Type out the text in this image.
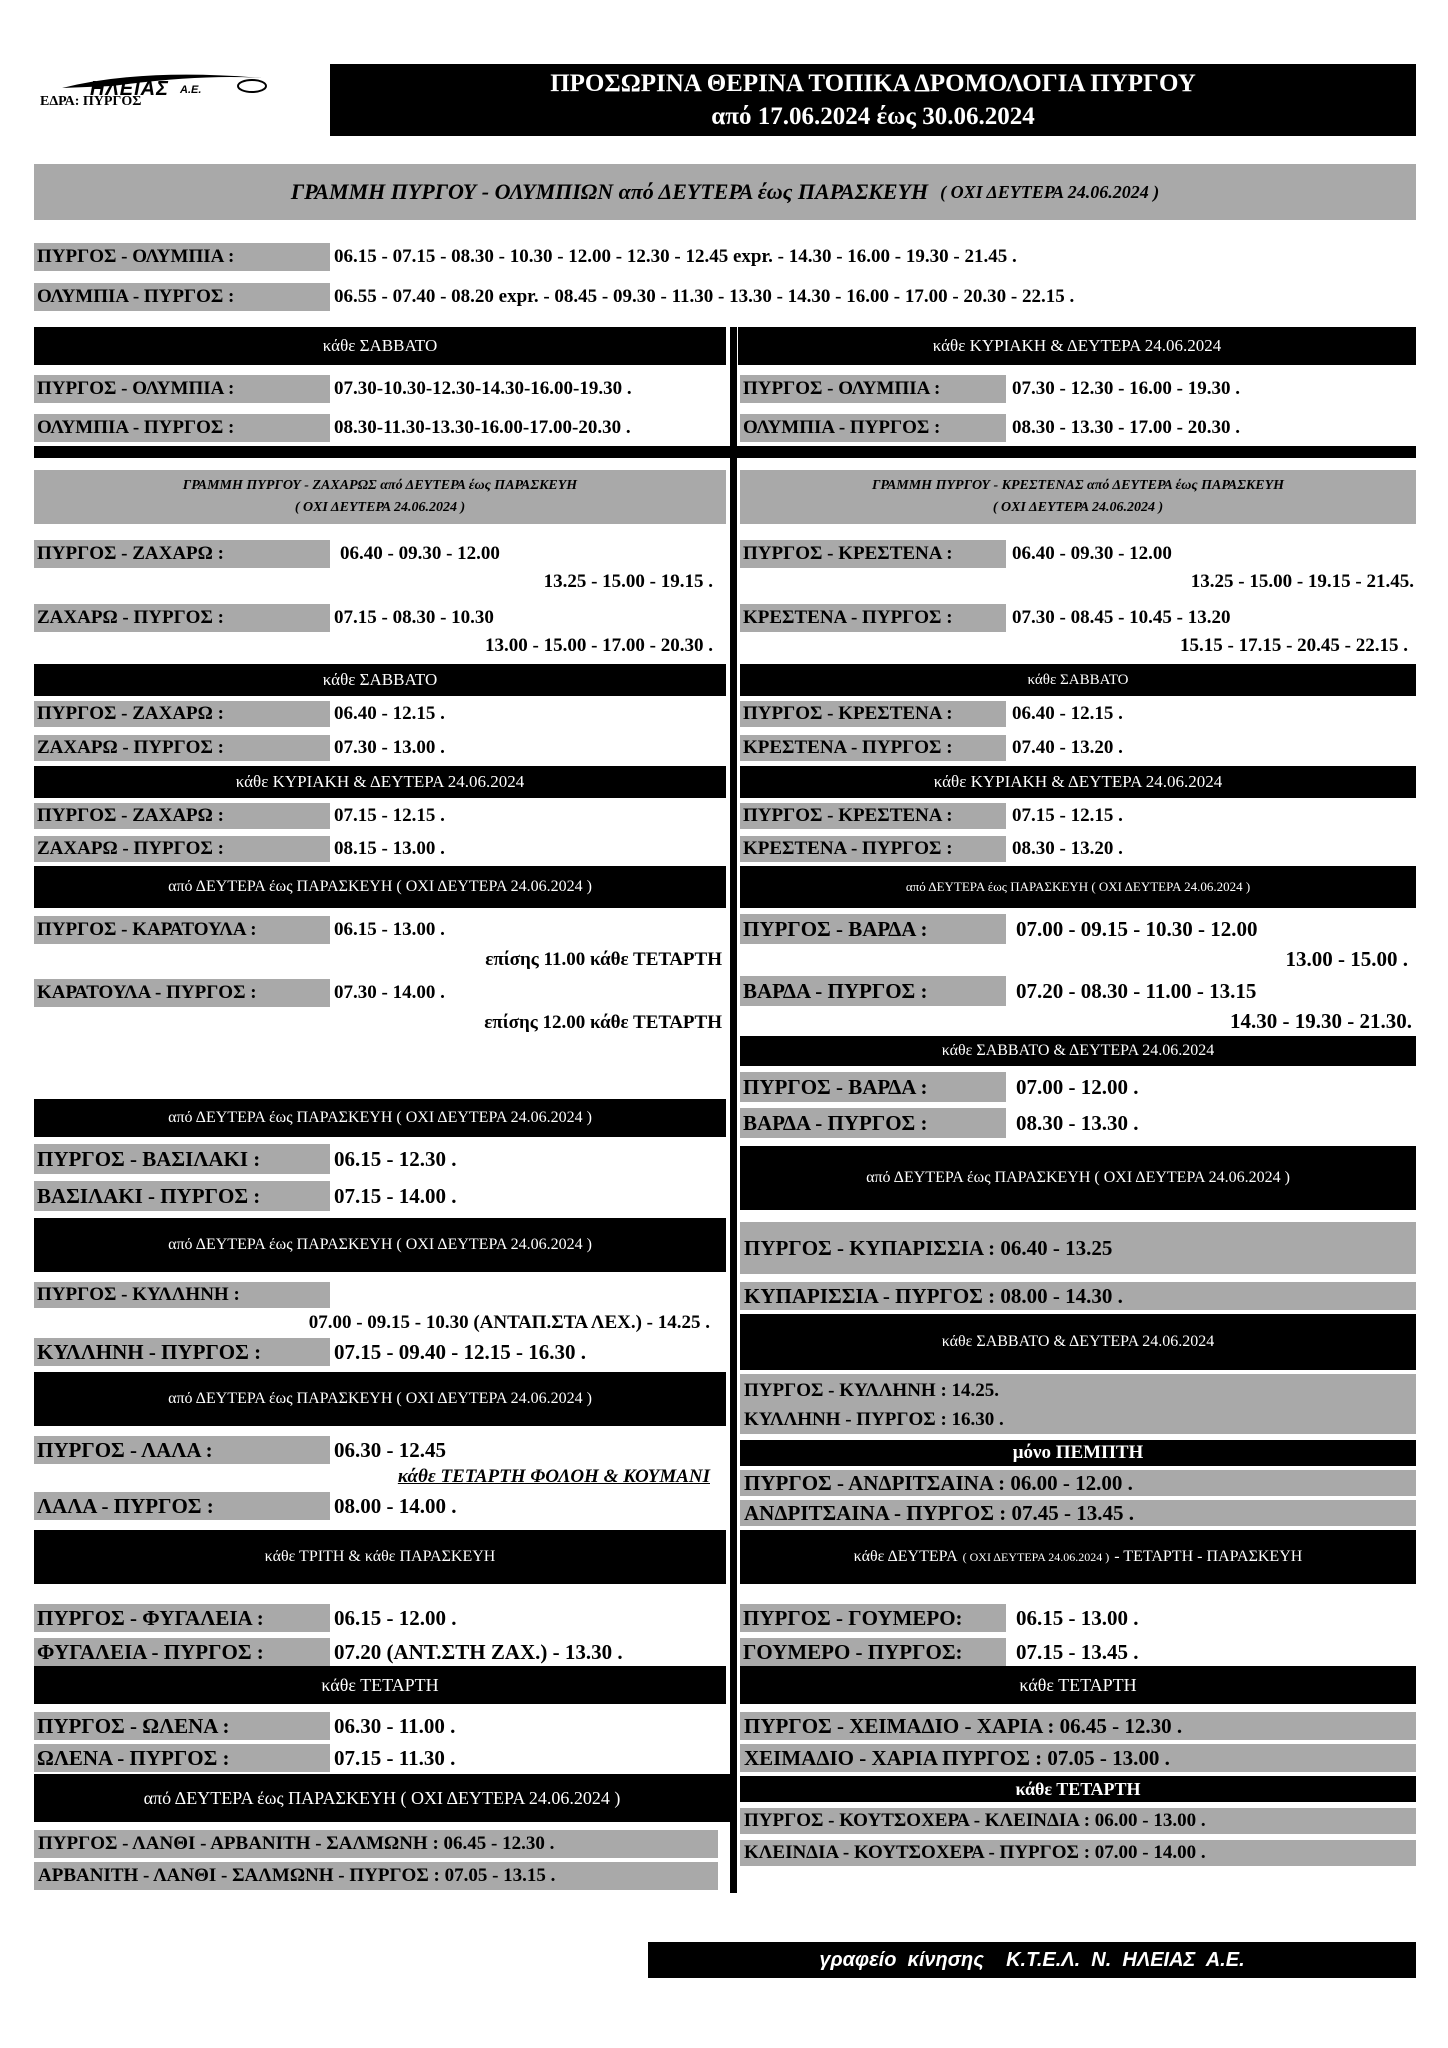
ΗΛΕΙΑΣ Α.Ε.
ΕΔΡΑ: ΠΥΡΓΟΣ
ΠΡΟΣΩΡΙΝΑ ΘΕΡΙΝΑ ΤΟΠΙΚΑ ΔΡΟΜΟΛΟΓΙΑ ΠΥΡΓΟΥ
από 17.06.2024 έως 30.06.2024
ΓΡΑΜΜΗ ΠΥΡΓΟΥ - ΟΛΥΜΠΙΩΝ από ΔΕΥΤΕΡΑ έως ΠΑΡΑΣΚΕΥΗ ( ΟΧΙ ΔΕΥΤΕΡΑ 24.06.2024 )
ΠΥΡΓΟΣ - ΟΛΥΜΠΙΑ :	06.15 - 07.15 - 08.30 - 10.30 - 12.00 - 12.30 - 12.45 expr. - 14.30 - 16.00 - 19.30 - 21.45 .
ΟΛΥΜΠΙΑ - ΠΥΡΓΟΣ :	06.55 - 07.40 - 08.20 expr. - 08.45 - 09.30 - 11.30 - 13.30 - 14.30 - 16.00 - 17.00 - 20.30 - 22.15 .
κάθε ΣΑΒΒΑΤΟ	κάθε ΚΥΡΙΑΚΗ & ΔΕΥΤΕΡΑ 24.06.2024
ΠΥΡΓΟΣ - ΟΛΥΜΠΙΑ :	07.30-10.30-12.30-14.30-16.00-19.30 .
ΟΛΥΜΠΙΑ - ΠΥΡΓΟΣ :	08.30-11.30-13.30-16.00-17.00-20.30 .
ΠΥΡΓΟΣ - ΟΛΥΜΠΙΑ :	07.30 - 12.30 - 16.00 - 19.30 .
ΟΛΥΜΠΙΑ - ΠΥΡΓΟΣ :	08.30 - 13.30 - 17.00 - 20.30 .
ΓΡΑΜΜΗ ΠΥΡΓΟΥ - ΖΑΧΑΡΩΣ από ΔΕΥΤΕΡΑ έως ΠΑΡΑΣΚΕΥΗ
( ΟΧΙ ΔΕΥΤΕΡΑ 24.06.2024 )
ΠΥΡΓΟΣ - ΖΑΧΑΡΩ :	06.40 - 09.30 - 12.00
13.25 - 15.00 - 19.15 .
ΖΑΧΑΡΩ - ΠΥΡΓΟΣ :	07.15 - 08.30 - 10.30
13.00 - 15.00 - 17.00 - 20.30 .
κάθε ΣΑΒΒΑΤΟ
ΠΥΡΓΟΣ - ΖΑΧΑΡΩ :	06.40 - 12.15 .
ΖΑΧΑΡΩ - ΠΥΡΓΟΣ :	07.30 - 13.00 .
κάθε ΚΥΡΙΑΚΗ & ΔΕΥΤΕΡΑ 24.06.2024
ΠΥΡΓΟΣ - ΖΑΧΑΡΩ :	07.15 - 12.15 .
ΖΑΧΑΡΩ - ΠΥΡΓΟΣ :	08.15 - 13.00 .
ΓΡΑΜΜΗ ΠΥΡΓΟΥ - ΚΡΕΣΤΕΝΑΣ από ΔΕΥΤΕΡΑ έως ΠΑΡΑΣΚΕΥΗ
( ΟΧΙ ΔΕΥΤΕΡΑ 24.06.2024 )
ΠΥΡΓΟΣ - ΚΡΕΣΤΕΝΑ :	06.40 - 09.30 - 12.00
13.25 - 15.00 - 19.15 - 21.45.
ΚΡΕΣΤΕΝΑ - ΠΥΡΓΟΣ :	07.30 - 08.45 - 10.45 - 13.20
15.15 - 17.15 - 20.45 - 22.15 .
κάθε ΣΑΒΒΑΤΟ
ΠΥΡΓΟΣ - ΚΡΕΣΤΕΝΑ :	06.40 - 12.15 .
ΚΡΕΣΤΕΝΑ - ΠΥΡΓΟΣ :	07.40 - 13.20 .
κάθε ΚΥΡΙΑΚΗ & ΔΕΥΤΕΡΑ 24.06.2024
ΠΥΡΓΟΣ - ΚΡΕΣΤΕΝΑ :	07.15 - 12.15 .
ΚΡΕΣΤΕΝΑ - ΠΥΡΓΟΣ :	08.30 - 13.20 .
από ΔΕΥΤΕΡΑ έως ΠΑΡΑΣΚΕΥΗ ( ΟΧΙ ΔΕΥΤΕΡΑ 24.06.2024 )
ΠΥΡΓΟΣ - ΚΑΡΑΤΟΥΛΑ :	06.15 - 13.00 .
επίσης 11.00 κάθε ΤΕΤΑΡΤΗ
ΚΑΡΑΤΟΥΛΑ - ΠΥΡΓΟΣ :	07.30 - 14.00 .
επίσης 12.00 κάθε ΤΕΤΑΡΤΗ
από ΔΕΥΤΕΡΑ έως ΠΑΡΑΣΚΕΥΗ ( ΟΧΙ ΔΕΥΤΕΡΑ 24.06.2024 )
ΠΥΡΓΟΣ - ΒΑΡΔΑ :	07.00 - 09.15 - 10.30 - 12.00
13.00 - 15.00 .
ΒΑΡΔΑ - ΠΥΡΓΟΣ :	07.20 - 08.30 - 11.00 - 13.15
14.30 - 19.30 - 21.30.
κάθε ΣΑΒΒΑΤΟ & ΔΕΥΤΕΡΑ 24.06.2024
ΠΥΡΓΟΣ - ΒΑΡΔΑ :	07.00 - 12.00 .
ΒΑΡΔΑ - ΠΥΡΓΟΣ :	08.30 - 13.30 .
από ΔΕΥΤΕΡΑ έως ΠΑΡΑΣΚΕΥΗ ( ΟΧΙ ΔΕΥΤΕΡΑ 24.06.2024 )
ΠΥΡΓΟΣ - ΒΑΣΙΛΑΚΙ :	06.15 - 12.30 .
ΒΑΣΙΛΑΚΙ - ΠΥΡΓΟΣ :	07.15 - 14.00 .
από ΔΕΥΤΕΡΑ έως ΠΑΡΑΣΚΕΥΗ ( ΟΧΙ ΔΕΥΤΕΡΑ 24.06.2024 )
ΠΥΡΓΟΣ - ΚΥΠΑΡΙΣΣΙΑ : 06.40 - 13.25
ΚΥΠΑΡΙΣΣΙΑ - ΠΥΡΓΟΣ : 08.00 - 14.30 .
από ΔΕΥΤΕΡΑ έως ΠΑΡΑΣΚΕΥΗ ( ΟΧΙ ΔΕΥΤΕΡΑ 24.06.2024 )
ΠΥΡΓΟΣ - ΚΥΛΛΗΝΗ :
07.00 - 09.15 - 10.30 (ΑΝΤΑΠ.ΣΤΑ ΛΕΧ.) - 14.25 .
ΚΥΛΛΗΝΗ - ΠΥΡΓΟΣ :	07.15 - 09.40 - 12.15 - 16.30 .	κάθε ΣΑΒΒΑΤΟ & ΔΕΥΤΕΡΑ 24.06.2024
ΠΥΡΓΟΣ - ΚΥΛΛΗΝΗ : 14.25.
ΚΥΛΛΗΝΗ - ΠΥΡΓΟΣ : 16.30 .
από ΔΕΥΤΕΡΑ έως ΠΑΡΑΣΚΕΥΗ ( ΟΧΙ ΔΕΥΤΕΡΑ 24.06.2024 )
ΠΥΡΓΟΣ - ΛΑΛΑ :	06.30 - 12.45
κάθε ΤΕΤΑΡΤΗ ΦΟΛΟΗ & ΚΟΥΜΑΝΙ
ΛΑΛΑ - ΠΥΡΓΟΣ :	08.00 - 14.00 .
μόνο ΠΕΜΠΤΗ
ΠΥΡΓΟΣ - ΑΝΔΡΙΤΣΑΙΝΑ : 06.00 - 12.00 .
ΑΝΔΡΙΤΣΑΙΝΑ - ΠΥΡΓΟΣ : 07.45 - 13.45 .
κάθε ΤΡΙΤΗ & κάθε ΠΑΡΑΣΚΕΥΗ
ΠΥΡΓΟΣ - ΦΥΓΑΛΕΙΑ :	06.15 - 12.00 .
ΦΥΓΑΛΕΙΑ - ΠΥΡΓΟΣ :	07.20 (ΑΝΤ.ΣΤΗ ΖΑΧ.) - 13.30 .
κάθε ΔΕΥΤΕΡΑ ( ΟΧΙ ΔΕΥΤΕΡΑ 24.06.2024 ) - ΤΕΤΑΡΤΗ - ΠΑΡΑΣΚΕΥΗ
ΠΥΡΓΟΣ - ΓΟΥΜΕΡΟ:	06.15 - 13.00 .
ΓΟΥΜΕΡΟ - ΠΥΡΓΟΣ:	07.15 - 13.45 .
κάθε ΤΕΤΑΡΤΗ
ΠΥΡΓΟΣ - ΩΛΕΝΑ :	06.30 - 11.00 .
ΩΛΕΝΑ - ΠΥΡΓΟΣ :	07.15 - 11.30 .
κάθε ΤΕΤΑΡΤΗ
ΠΥΡΓΟΣ - ΧΕΙΜΑΔΙΟ - ΧΑΡΙΑ : 06.45 - 12.30 .
ΧΕΙΜΑΔΙΟ - ΧΑΡΙΑ ΠΥΡΓΟΣ : 07.05 - 13.00 .
από ΔΕΥΤΕΡΑ έως ΠΑΡΑΣΚΕΥΗ ( ΟΧΙ ΔΕΥΤΕΡΑ 24.06.2024 )
ΠΥΡΓΟΣ - ΛΑΝΘΙ - ΑΡΒΑΝΙΤΗ - ΣΑΛΜΩΝΗ : 06.45 - 12.30 .
ΑΡΒΑΝΙΤΗ - ΛΑΝΘΙ - ΣΑΛΜΩΝΗ - ΠΥΡΓΟΣ : 07.05 - 13.15 .
κάθε ΤΕΤΑΡΤΗ
ΠΥΡΓΟΣ - ΚΟΥΤΣΟΧΕΡΑ - ΚΛΕΙΝΔΙΑ : 06.00 - 13.00 .
ΚΛΕΙΝΔΙΑ - ΚΟΥΤΣΟΧΕΡΑ - ΠΥΡΓΟΣ : 07.00 - 14.00 .
γραφείο  κίνησης    Κ.Τ.Ε.Λ.  Ν.  ΗΛΕΙΑΣ  Α.Ε.
